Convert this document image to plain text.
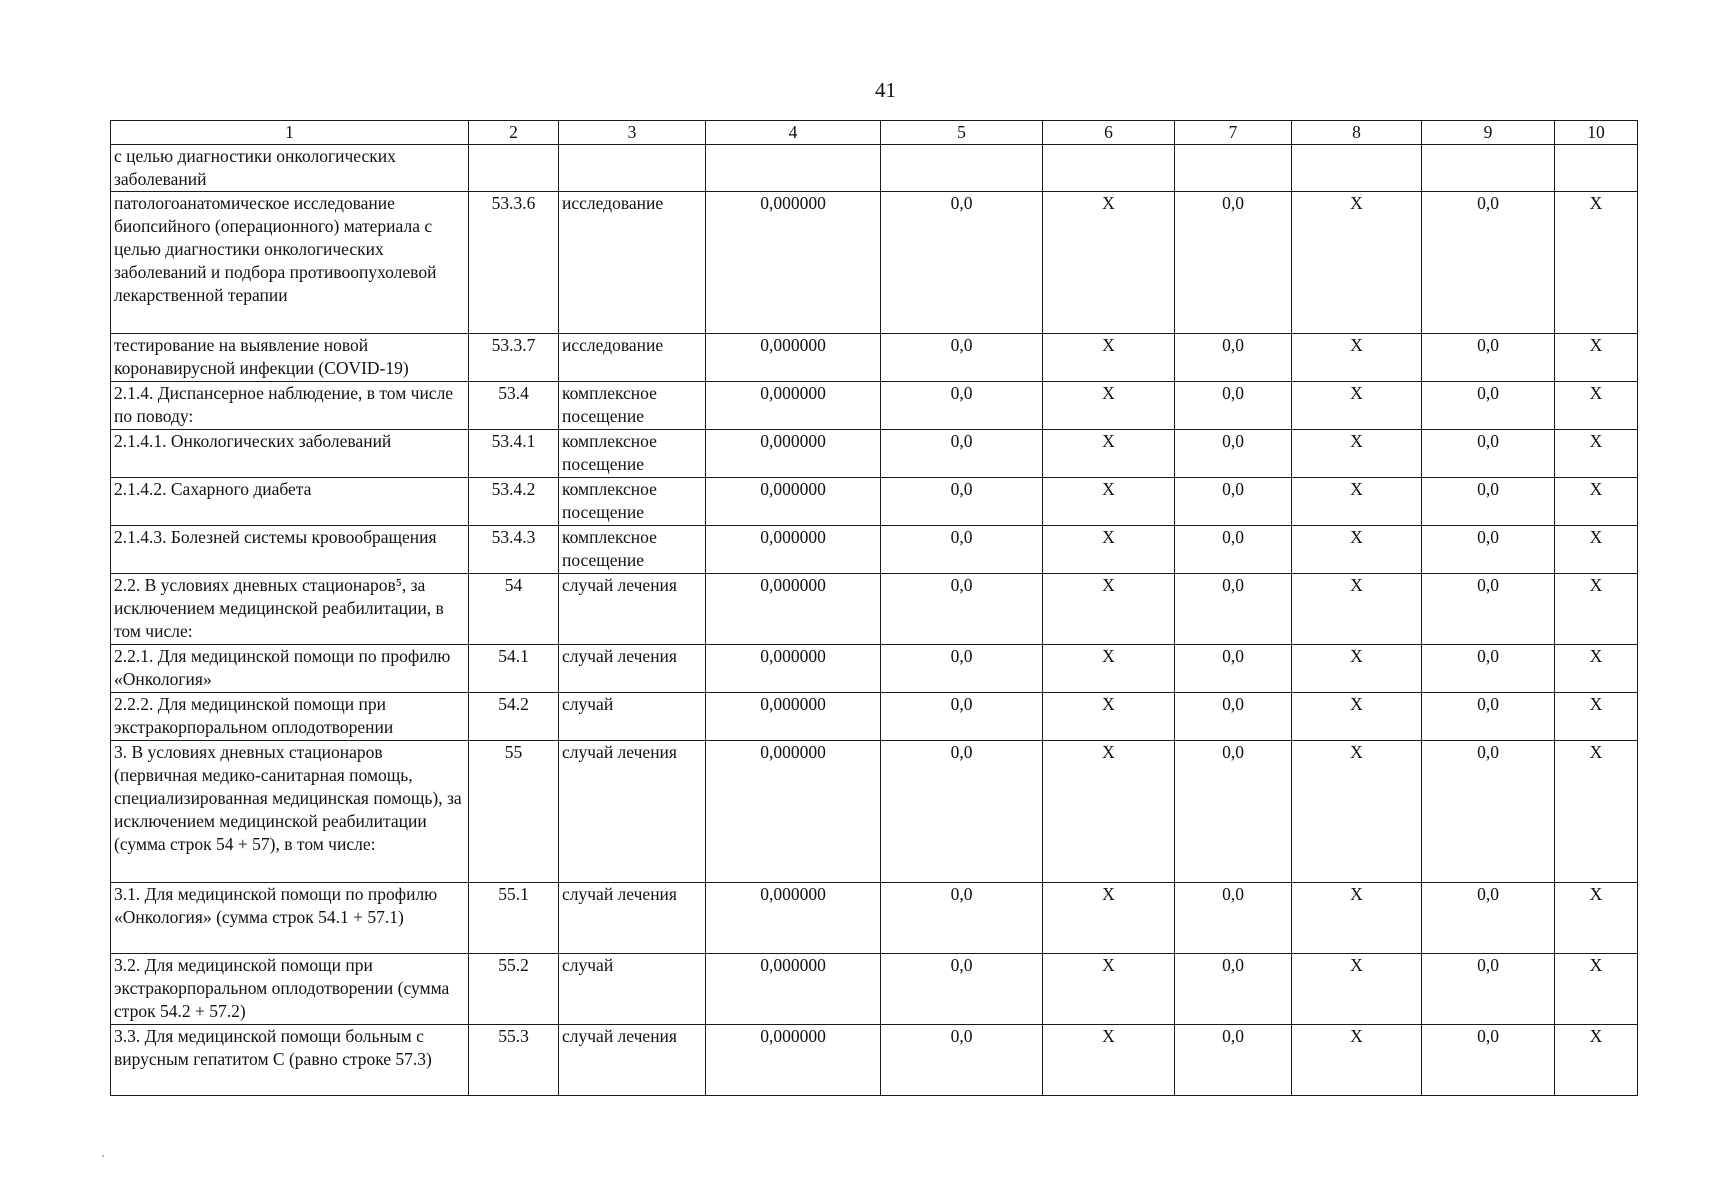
41
1	2	3	4	5	6	7	8	9	10
с целью диагностики онкологических заболеваний									
патологоанатомическое исследование биопсийного (операционного) материала с целью диагностики онкологических заболеваний и подбора противоопухолевой лекарственной терапии	53.3.6	исследование	0,000000	0,0	X	0,0	X	0,0	X
тестирование на выявление новой коронавирусной инфекции (COVID-19)	53.3.7	исследование	0,000000	0,0	X	0,0	X	0,0	X
2.1.4. Диспансерное наблюдение, в том числе по поводу:	53.4	комплексное посещение	0,000000	0,0	X	0,0	X	0,0	X
2.1.4.1. Онкологических заболеваний	53.4.1	комплексное посещение	0,000000	0,0	X	0,0	X	0,0	X
2.1.4.2. Сахарного диабета	53.4.2	комплексное посещение	0,000000	0,0	X	0,0	X	0,0	X
2.1.4.3. Болезней системы кровообращения	53.4.3	комплексное посещение	0,000000	0,0	X	0,0	X	0,0	X
2.2. В условиях дневных стационаров⁵, за исключением медицинской реабилитации, в том числе:	54	случай лечения	0,000000	0,0	X	0,0	X	0,0	X
2.2.1. Для медицинской помощи по профилю «Онкология»	54.1	случай лечения	0,000000	0,0	X	0,0	X	0,0	X
2.2.2. Для медицинской помощи при экстракорпоральном оплодотворении	54.2	случай	0,000000	0,0	X	0,0	X	0,0	X
3. В условиях дневных стационаров (первичная медико-санитарная помощь, специализированная медицинская помощь), за исключением медицинской реабилитации (сумма строк 54 + 57), в том числе:	55	случай лечения	0,000000	0,0	X	0,0	X	0,0	X
3.1. Для медицинской помощи по профилю «Онкология» (сумма строк 54.1 + 57.1)	55.1	случай лечения	0,000000	0,0	X	0,0	X	0,0	X
3.2. Для медицинской помощи при экстракорпоральном оплодотворении (сумма строк 54.2 + 57.2)	55.2	случай	0,000000	0,0	X	0,0	X	0,0	X
3.3. Для медицинской помощи больным с вирусным гепатитом С (равно строке 57.3)	55.3	случай лечения	0,000000	0,0	X	0,0	X	0,0	X
